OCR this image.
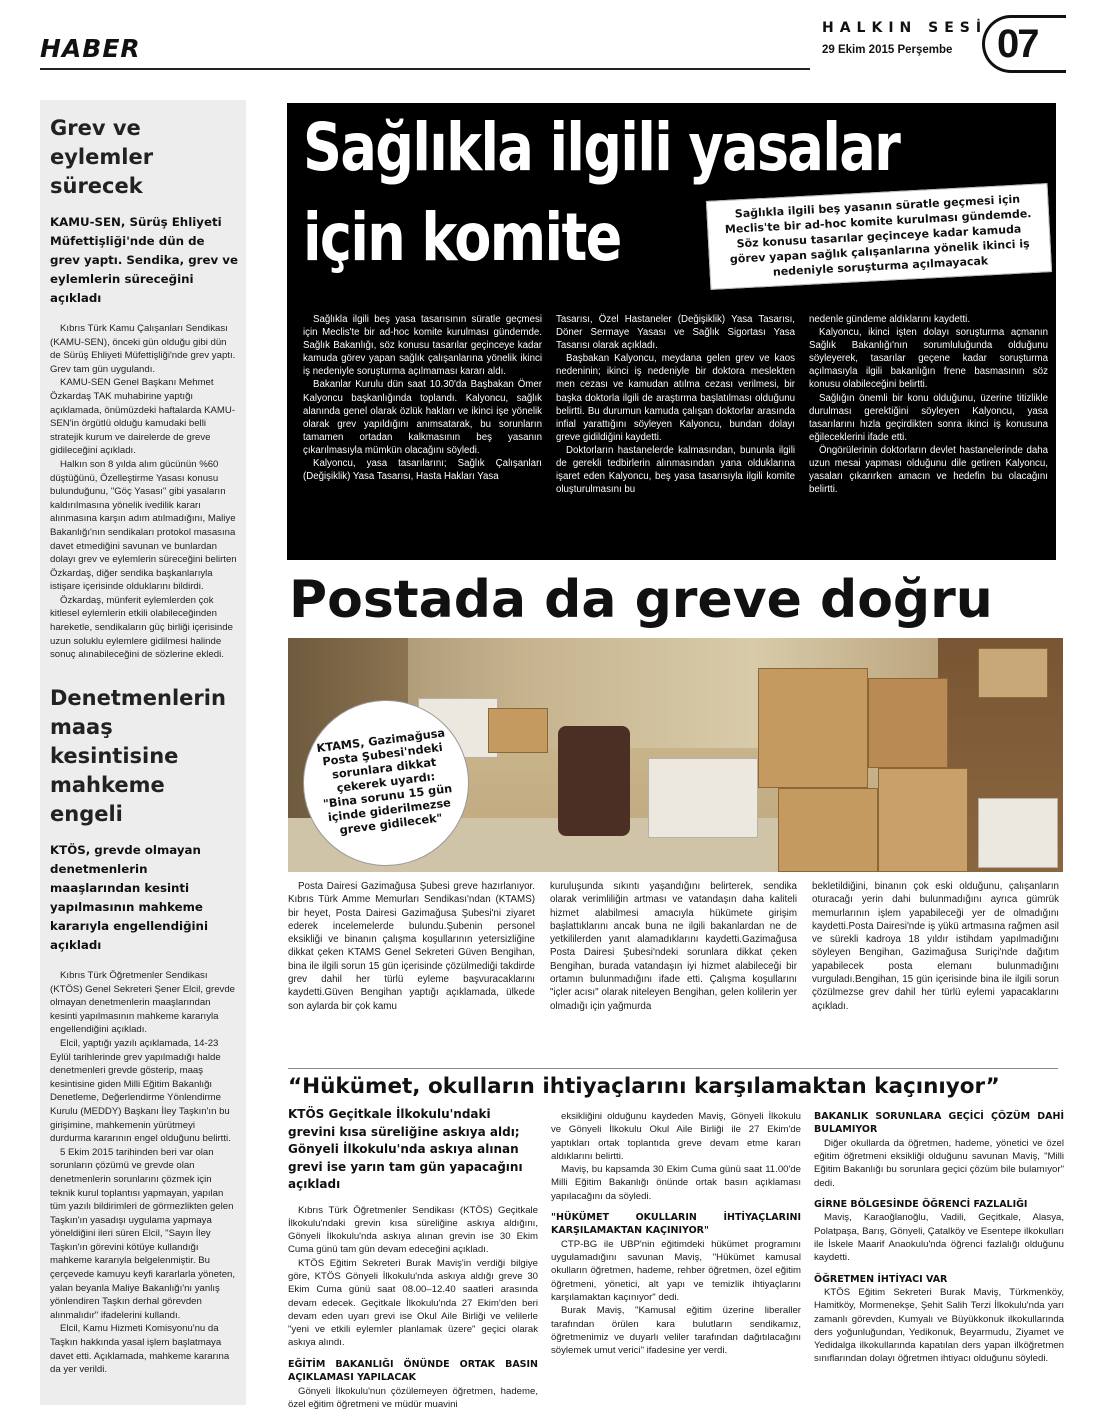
HABER
HALKIN SESİ
29 Ekim 2015 Perşembe	07
Grev ve eylemler sürecek
KAMU-SEN, Sürüş Ehliyeti Müfettişliği'nde dün de grev yaptı. Sendika, grev ve eylemlerin süreceğini açıkladı

Kıbrıs Türk Kamu Çalışanları Sendikası (KAMU-SEN), önceki gün olduğu gibi dün de Sürüş Ehliyeti Müfettişliği'nde grev yaptı. Grev tam gün uygulandı.

KAMU-SEN Genel Başkanı Mehmet Özkardaş TAK muhabirine yaptığı açıklamada, önümüzdeki haftalarda KAMU-SEN'in örgütlü olduğu kamudaki belli stratejik kurum ve dairelerde de greve gidileceğini açıkladı.

Halkın son 8 yılda alım gücünün %60 düştüğünü, Özelleştirme Yasası konusu bulunduğunu, "Göç Yasası" gibi yasaların kaldırılmasına yönelik ivedilik kararı alınmasına karşın adım atılmadığını, Maliye Bakanlığı'nın sendikaları protokol masasına davet etmediğini savunan ve bunlardan dolayı grev ve eylemlerin süreceğini belirten Özkardaş, diğer sendika başkanlarıyla istişare içerisinde olduklarını bildirdi.

Özkardaş, münferit eylemlerden çok kitlesel eylemlerin etkili olabileceğinden hareketle, sendikaların güç birliği içerisinde uzun soluklu eylemlere gidilmesi halinde sonuç alınabileceğini de sözlerine ekledi.

Denetmenlerin maaş kesintisine mahkeme engeli
KTÖS, grevde olmayan denetmenlerin maaşlarından kesinti yapılmasının mahkeme kararıyla engellendiğini açıkladı

Kıbrıs Türk Öğretmenler Sendikası (KTÖS) Genel Sekreteri Şener Elcil, grevde olmayan denetmenlerin maaşlarından kesinti yapılmasının mahkeme kararıyla engellendiğini açıkladı.

Elcil, yaptığı yazılı açıklamada, 14-23 Eylül tarihlerinde grev yapılmadığı halde denetmenleri grevde gösterip, maaş kesintisine giden Milli Eğitim Bakanlığı Denetleme, Değerlendirme Yönlendirme Kurulu (MEDDY) Başkanı İley Taşkın'ın bu girişimine, mahkemenin yürütmeyi durdurma kararının engel olduğunu belirtti.

5 Ekim 2015 tarihinden beri var olan sorunların çözümü ve grevde olan denetmenlerin sorunlarını çözmek için teknik kurul toplantısı yapmayan, yapılan tüm yazılı bildirimleri de görmezlikten gelen Taşkın'ın yasadışı uygulama yapmaya yöneldiğini ileri süren Elcil, "Sayın İley Taşkın'ın görevini kötüye kullandığı mahkeme kararıyla belgelenmiştir. Bu çerçevede kamuyu keyfi kararlarla yöneten, yalan beyanla Maliye Bakanlığı'nı yanlış yönlendiren Taşkın derhal görevden alınmalıdır" ifadelerini kullandı.

Elcil, Kamu Hizmeti Komisyonu'nu da Taşkın hakkında yasal işlem başlatmaya davet etti. Açıklamada, mahkeme kararına da yer verildi.

Sağlıkla ilgili yasalar
için komite	Sağlıkla ilgili beş yasanın süratle geçmesi için Meclis'te bir ad-hoc komite kurulması gündemde. Söz konusu tasarılar geçinceye kadar kamuda görev yapan sağlık çalışanlarına yönelik ikinci iş nedeniyle soruşturma açılmayacak

Sağlıkla ilgili beş yasa tasarısının süratle geçmesi için Meclis'te bir ad-hoc komite kurulması gündemde. Sağlık Bakanlığı, söz konusu tasarılar geçinceye kadar kamuda görev yapan sağlık çalışanlarına yönelik ikinci iş nedeniyle soruşturma açılmaması kararı aldı.

Bakanlar Kurulu dün saat 10.30'da Başbakan Ömer Kalyoncu başkanlığında toplandı. Kalyoncu, sağlık alanında genel olarak özlük hakları ve ikinci işe yönelik olarak grev yapıldığını anımsatarak, bu sorunların tamamen ortadan kalkmasının beş yasanın çıkarılmasıyla mümkün olacağını söyledi.

Kalyoncu, yasa tasarılarını; Sağlık Çalışanları (Değişiklik) Yasa Tasarısı, Hasta Hakları Yasa

Tasarısı, Özel Hastaneler (Değişiklik) Yasa Tasarısı, Döner Sermaye Yasası ve Sağlık Sigortası Yasa Tasarısı olarak açıkladı.

Başbakan Kalyoncu, meydana gelen grev ve kaos nedeninin; ikinci iş nedeniyle bir doktora meslekten men cezası ve kamudan atılma cezası verilmesi, bir başka doktorla ilgili de araştırma başlatılması olduğunu belirtti. Bu durumun kamuda çalışan doktorlar arasında infial yarattığını söyleyen Kalyoncu, bundan dolayı greve gidildiğini kaydetti.

Doktorların hastanelerde kalmasından, bununla ilgili de gerekli tedbirlerin alınmasından yana olduklarına işaret eden Kalyoncu, beş yasa tasarısıyla ilgili komite oluşturulmasını bu

nedenle gündeme aldıklarını kaydetti.

Kalyoncu, ikinci işten dolayı soruşturma açmanın Sağlık Bakanlığı'nın sorumluluğunda olduğunu söyleyerek, tasarılar geçene kadar soruşturma açılmasıyla ilgili bakanlığın frene basmasının söz konusu olabileceğini belirtti.

Sağlığın önemli bir konu olduğunu, üzerine titizlikle durulması gerektiğini söyleyen Kalyoncu, yasa tasarılarını hızla geçirdikten sonra ikinci iş konusuna eğileceklerini ifade etti.

Öngörülerinin doktorların devlet hastanelerinde daha uzun mesai yapması olduğunu dile getiren Kalyoncu, yasaları çıkarırken amacın ve hedefin bu olacağını belirtti.

Postada da greve doğru
KTAMS, Gazimağusa Posta Şubesi'ndeki sorunlara dikkat çekerek uyardı: "Bina sorunu 15 gün içinde giderilmezse greve gidilecek"

Posta Dairesi Gazimağusa Şubesi greve hazırlanıyor. Kıbrıs Türk Amme Memurları Sendikası'ndan (KTAMS) bir heyet, Posta Dairesi Gazimağusa Şubesi'ni ziyaret ederek incelemelerde bulundu.Şubenin personel eksikliği ve binanın çalışma koşullarının yetersizliğine dikkat çeken KTAMS Genel Sekreteri Güven Bengihan, bina ile ilgili sorun 15 gün içerisinde çözülmediği takdirde grev dahil her türlü eyleme başvuracaklarını kaydetti.Güven Bengihan yaptığı açıklamada, ülkede son aylarda bir çok kamu

kuruluşunda sıkıntı yaşandığını belirterek, sendika olarak verimliliğin artması ve vatandaşın daha kaliteli hizmet alabilmesi amacıyla hükümete girişim başlattıklarını ancak buna ne ilgili bakanlardan ne de yetkililerden yanıt alamadıklarını kaydetti.Gazimağusa Posta Dairesi Şubesi'ndeki sorunlara dikkat çeken Bengihan, burada vatandaşın iyi hizmet alabileceği bir ortamın bulunmadığını ifade etti. Çalışma koşullarını "içler acısı" olarak niteleyen Bengihan, gelen kolilerin yer olmadığı için yağmurda

bekletildiğini, binanın çok eski olduğunu, çalışanların oturacağı yerin dahi bulunmadığını ayrıca gümrük memurlarının işlem yapabileceği yer de olmadığını kaydetti.Posta Dairesi'nde iş yükü artmasına rağmen asil ve sürekli kadroya 18 yıldır istihdam yapılmadığını söyleyen Bengihan, Gazimağusa Suriçi'nde dağıtım yapabilecek posta elemanı bulunmadığını vurguladı.Bengihan, 15 gün içerisinde bina ile ilgili sorun çözülmezse grev dahil her türlü eylemi yapacaklarını açıkladı.

“Hükümet, okulların ihtiyaçlarını karşılamaktan kaçınıyor”
KTÖS Geçitkale İlkokulu'ndaki grevini kısa süreliğine askıya aldı; Gönyeli İlkokulu'nda askıya alınan grevi ise yarın tam gün yapacağını açıkladı

Kıbrıs Türk Öğretmenler Sendikası (KTÖS) Geçitkale İlkokulu'ndaki grevin kısa süreliğine askıya aldığını, Gönyeli İlkokulu'nda askıya alınan grevin ise 30 Ekim Cuma günü tam gün devam edeceğini açıkladı.

KTÖS Eğitim Sekreteri Burak Maviş'in verdiği bilgiye göre, KTÖS Gönyeli İlkokulu'nda askıya aldığı greve 30 Ekim Cuma günü saat 08.00–12.40 saatleri arasında devam edecek. Geçitkale İlkokulu'nda 27 Ekim'den beri devam eden uyarı grevi ise Okul Aile Birliği ve velilerle "yeni ve etkili eylemler planlamak üzere" geçici olarak askıya alındı.

EĞİTİM BAKANLIĞI ÖNÜNDE ORTAK BASIN AÇIKLAMASI YAPILACAK

Gönyeli İlkokulu'nun çözülemeyen öğretmen, hademe, özel eğitim öğretmeni ve müdür muavini

eksikliğini olduğunu kaydeden Maviş, Gönyeli İlkokulu ve Gönyeli İlkokulu Okul Aile Birliği ile 27 Ekim'de yaptıkları ortak toplantıda greve devam etme kararı aldıklarını belirtti.

Maviş, bu kapsamda 30 Ekim Cuma günü saat 11.00'de Milli Eğitim Bakanlığı önünde ortak basın açıklaması yapılacağını da söyledi.

"HÜKÜMET OKULLARIN İHTİYAÇLARINI KARŞILAMAKTAN KAÇINIYOR"

CTP-BG ile UBP'nin eğitimdeki hükümet programını uygulamadığını savunan Maviş, "Hükümet kamusal okulların öğretmen, hademe, rehber öğretmen, özel eğitim öğretmeni, yönetici, alt yapı ve temizlik ihtiyaçlarını karşılamaktan kaçınıyor" dedi.

Burak Maviş, "Kamusal eğitim üzerine liberaller tarafından örülen kara bulutların sendikamız, öğretmenimiz ve duyarlı veliler tarafından dağıtılacağını söylemek umut verici" ifadesine yer verdi.

BAKANLIK SORUNLARA GEÇİCİ ÇÖZÜM DAHİ BULAMIYOR

Diğer okullarda da öğretmen, hademe, yönetici ve özel eğitim öğretmeni eksikliği olduğunu savunan Maviş, "Milli Eğitim Bakanlığı bu sorunlara geçici çözüm bile bulamıyor" dedi.

GİRNE BÖLGESİNDE ÖĞRENCİ FAZLALIĞI

Maviş, Karaoğlanoğlu, Vadili, Geçitkale, Alasya, Polatpaşa, Barış, Gönyeli, Çatalköy ve Esentepe ilkokulları ile İskele Maarif Anaokulu'nda öğrenci fazlalığı olduğunu kaydetti.

ÖĞRETMEN İHTİYACI VAR

KTÖS Eğitim Sekreteri Burak Maviş, Türkmenköy, Hamitköy, Mormenekşe, Şehit Salih Terzi İlkokulu'nda yarı zamanlı görevden, Kumyalı ve Büyükkonuk ilkokullarında ders yoğunluğundan, Yedikonuk, Beyarmudu, Ziyamet ve Yedidalga ilkokullarında kapatılan ders yapan ilköğretmen sınıflarından dolayı öğretmen ihtiyacı olduğunu söyledi.
